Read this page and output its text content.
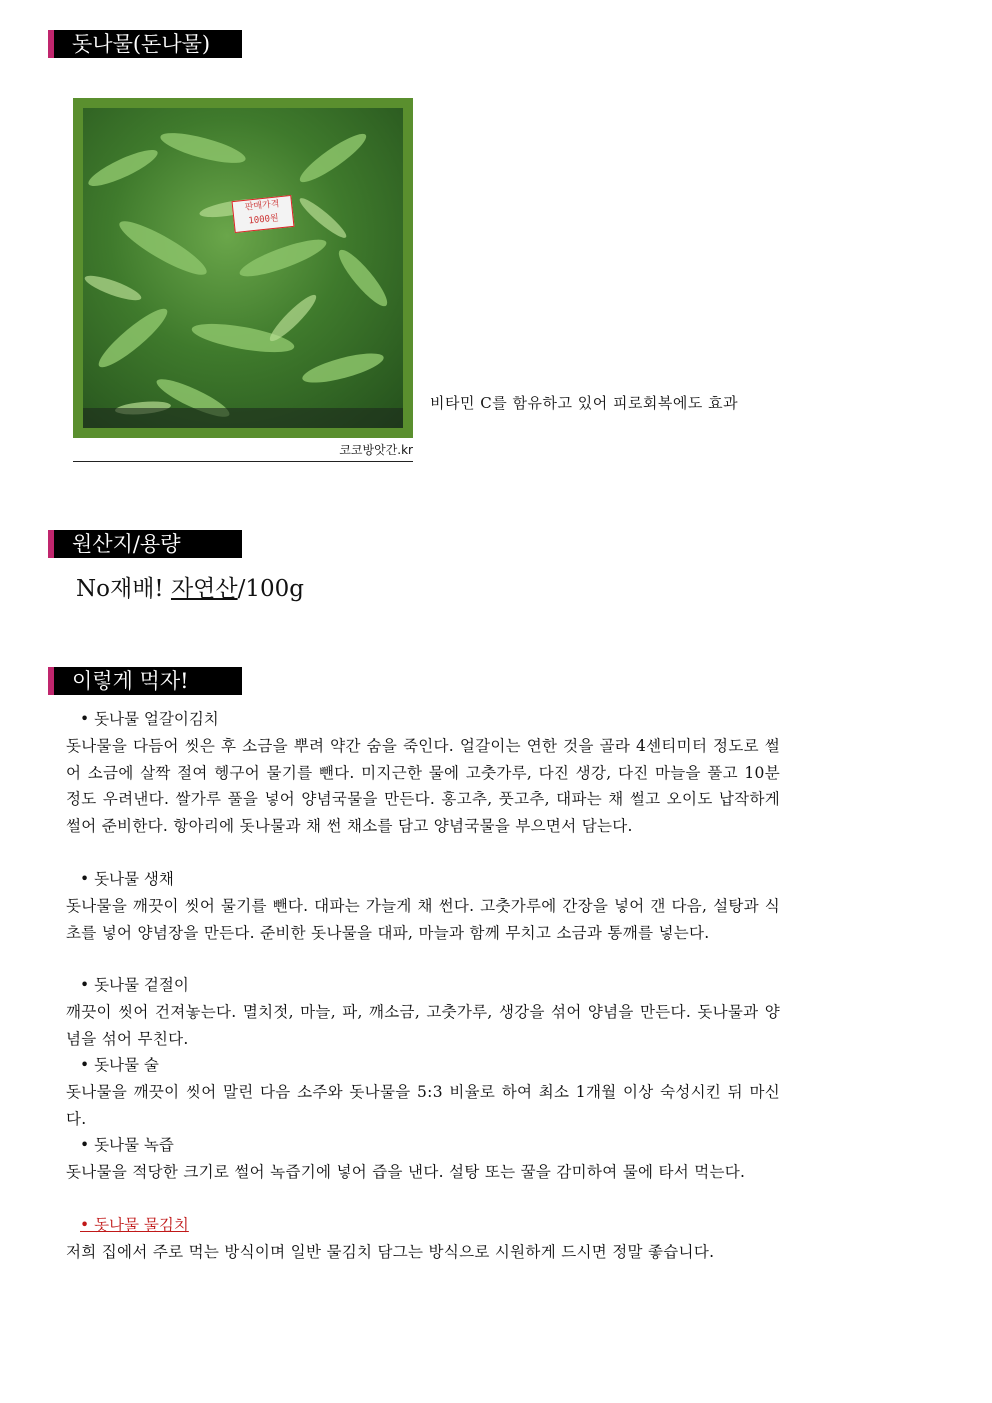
돗나물(돈나물)
판매가격
1000원
코코방앗간.kr
비타민 C를 함유하고 있어 피로회복에도 효과
원산지/용량
No재배! 자연산/100g
이렇게 먹자!
• 돗나물 얼갈이김치
돗나물을 다듬어 씻은 후 소금을 뿌려 약간 숨을 죽인다. 얼갈이는 연한 것을 골라 4센티미터 정도로 썰어 소금에 살짝 절여 헹구어 물기를 뺀다. 미지근한 물에 고춧가루, 다진 생강, 다진 마늘을 풀고 10분 정도 우려낸다. 쌀가루 풀을 넣어 양념국물을 만든다. 홍고추, 풋고추, 대파는 채 썰고 오이도 납작하게 썰어 준비한다. 항아리에 돗나물과 채 썬 채소를 담고 양념국물을 부으면서 담는다.
• 돗나물 생채
돗나물을 깨끗이 씻어 물기를 뺀다. 대파는 가늘게 채 썬다. 고춧가루에 간장을 넣어 갠 다음, 설탕과 식초를 넣어 양념장을 만든다. 준비한 돗나물을 대파, 마늘과 함께 무치고 소금과 통깨를 넣는다.
• 돗나물 겉절이
깨끗이 씻어 건져놓는다. 멸치젓, 마늘, 파, 깨소금, 고춧가루, 생강을 섞어 양념을 만든다. 돗나물과 양념을 섞어 무친다.
• 돗나물 술
돗나물을 깨끗이 씻어 말린 다음 소주와 돗나물을 5:3 비율로 하여 최소 1개월 이상 숙성시킨 뒤 마신다.
• 돗나물 녹즙
돗나물을 적당한 크기로 썰어 녹즙기에 넣어 즙을 낸다. 설탕 또는 꿀을 감미하여 물에 타서 먹는다.
• 돗나물 물김치
저희 집에서 주로 먹는 방식이며 일반 물김치 담그는 방식으로 시원하게 드시면 정말 좋습니다.
